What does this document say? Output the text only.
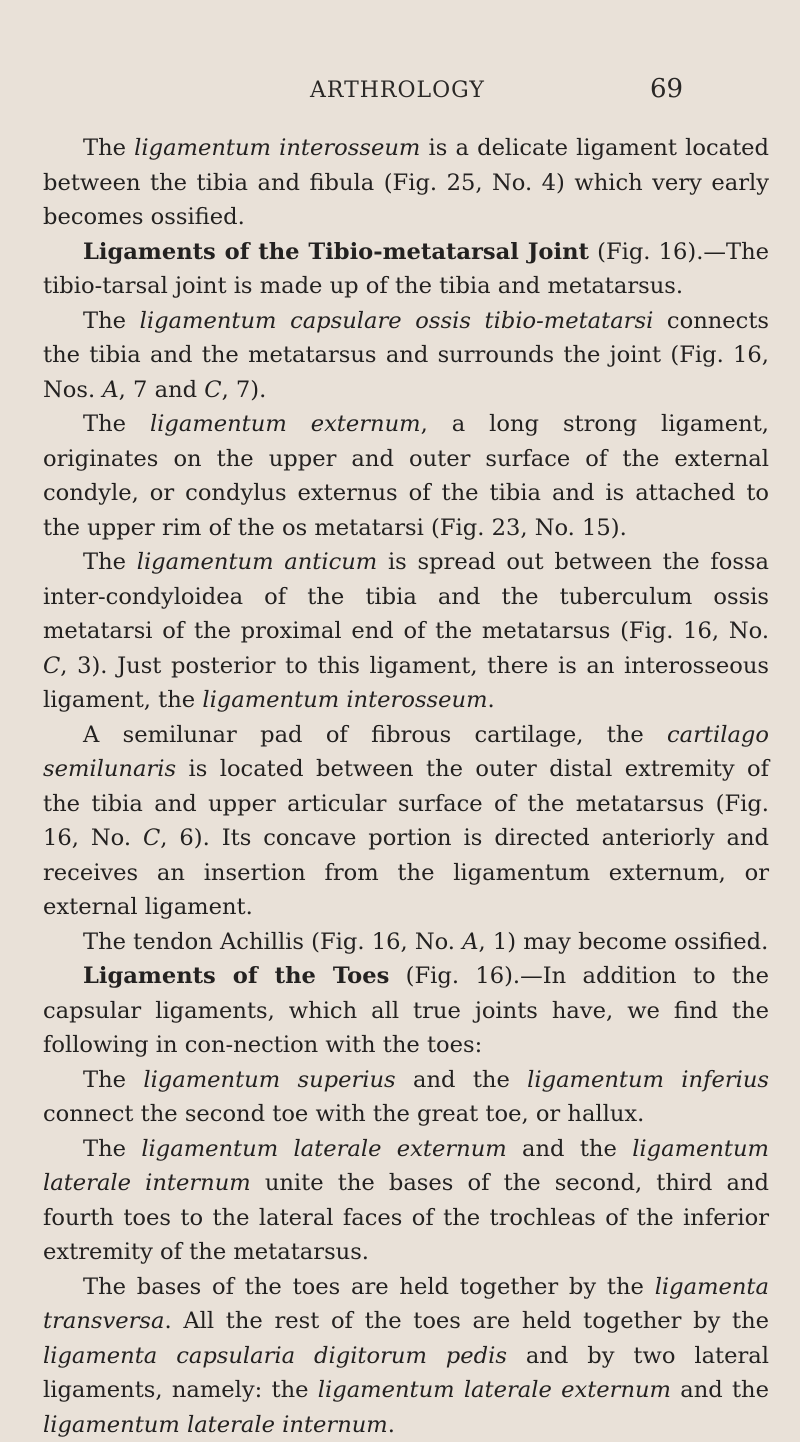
ARTHROLOGY	69

The ligamentum interosseum is a delicate ligament located between the tibia and fibula (Fig. 25, No. 4) which very early becomes ossified.

Ligaments of the Tibio-metatarsal Joint (Fig. 16).—The tibio-tarsal joint is made up of the tibia and metatarsus.

The ligamentum capsulare ossis tibio-metatarsi connects the tibia and the metatarsus and surrounds the joint (Fig. 16, Nos. A, 7 and C, 7).

The ligamentum externum, a long strong ligament, originates on the upper and outer surface of the external condyle, or condylus externus of the tibia and is attached to the upper rim of the os metatarsi (Fig. 23, No. 15).

The ligamentum anticum is spread out between the fossa inter-condyloidea of the tibia and the tuberculum ossis metatarsi of the proximal end of the metatarsus (Fig. 16, No. C, 3). Just posterior to this ligament, there is an interosseous ligament, the ligamentum interosseum.

A semilunar pad of fibrous cartilage, the cartilago semilunaris is located between the outer distal extremity of the tibia and upper articular surface of the metatarsus (Fig. 16, No. C, 6). Its concave portion is directed anteriorly and receives an insertion from the ligamentum externum, or external ligament.

The tendon Achillis (Fig. 16, No. A, 1) may become ossified.

Ligaments of the Toes (Fig. 16).—In addition to the capsular ligaments, which all true joints have, we find the following in con-nection with the toes:

The ligamentum superius and the ligamentum inferius connect the second toe with the great toe, or hallux.

The ligamentum laterale externum and the ligamentum laterale internum unite the bases of the second, third and fourth toes to the lateral faces of the trochleas of the inferior extremity of the metatarsus.

The bases of the toes are held together by the ligamenta transversa. All the rest of the toes are held together by the ligamenta capsularia digitorum pedis and by two lateral ligaments, namely: the ligamentum laterale externum and the ligamentum laterale internum.
